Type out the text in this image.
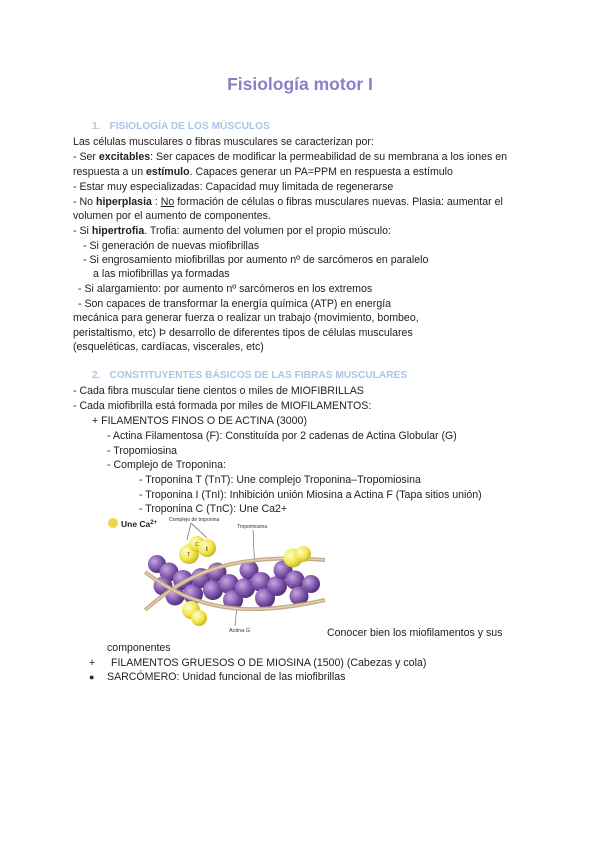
Fisiología motor I
1. FISIOLOGÍA DE LOS MÚSCULOS
Las células musculares o fibras musculares se caracterizan por:
- Ser excitables: Ser capaces de modificar la permeabilidad de su membrana a los iones en
respuesta a un estímulo. Capaces generar un PA=PPM en respuesta a estímulo
- Estar muy especializadas: Capacidad muy limitada de regenerarse
- No hiperplasia : No formación de células o fibras musculares nuevas. Plasia: aumentar el
volumen por el aumento de componentes.
- Si hipertrofia. Trofia: aumento del volumen por el propio músculo:
- Si generación de nuevas miofibrillas
- Si engrosamiento miofibrillas por aumento nº de sarcómeros en paralelo
a las miofibrillas ya formadas
- Si alargamiento: por aumento nº sarcómeros en los extremos
- Son capaces de transformar la energía química (ATP) en energía
mecánica para generar fuerza o realizar un trabajo (movimiento, bombeo,
peristaltismo, etc) Þ desarrollo de diferentes tipos de células musculares
(esqueléticas, cardíacas, viscerales, etc)
2. CONSTITUYENTES BÁSICOS DE LAS FIBRAS MUSCULARES
- Cada fibra muscular tiene cientos o miles de MIOFIBRILLAS
- Cada miofibrilla está formada por miles de MIOFILAMENTOS:
+ FILAMENTOS FINOS O DE ACTINA (3000)
- Actina Filamentosa (F): Constituída por 2 cadenas de Actina Globular (G)
- Tropomiosina
- Complejo de Troponina:
- Troponina T (TnT): Une complejo Troponina–Tropomiosina
- Troponina I (TnI): Inhibición unión Miosina a Actina F (Tapa sitios unión)
- Troponina C (TnC): Une Ca2+
Une $Ca^{2+}$ Complejo de troponina
Tropomiosina
Actina G
T
C
I
Conocer bien los miofilamentos y sus
componentes
+ FILAMENTOS GRUESOS O DE MIOSINA (1500) (Cabezas y cola)
● SARCÓMERO: Unidad funcional de las miofibrillas
